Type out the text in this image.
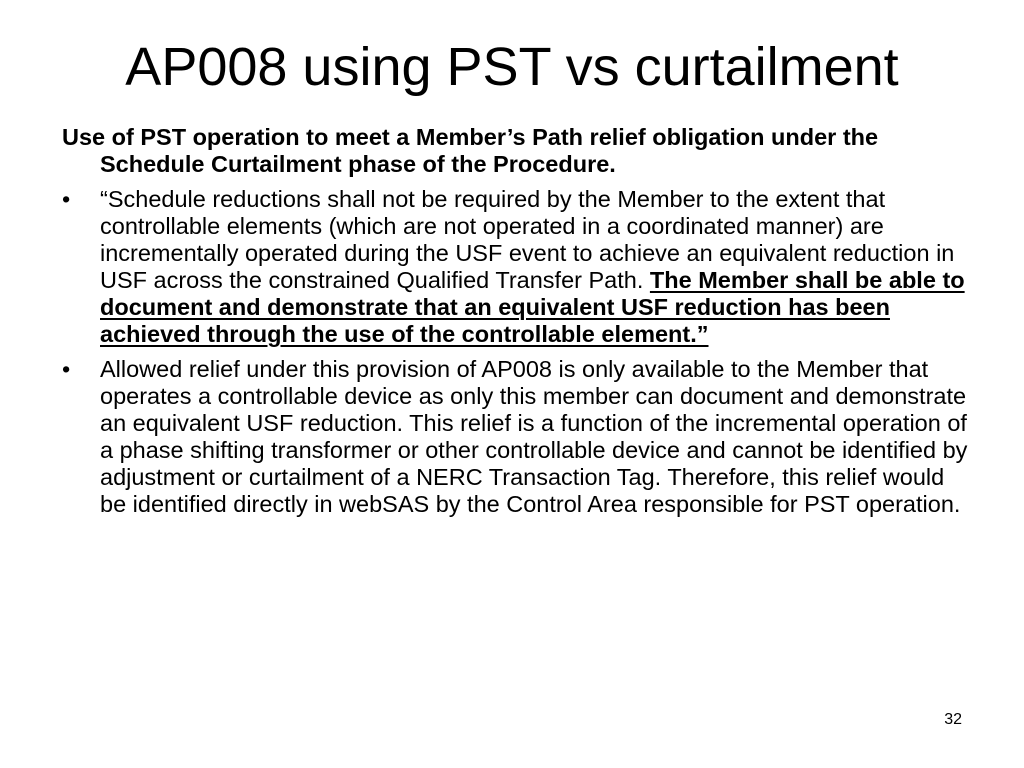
AP008 using PST vs curtailment

Use of PST operation to meet a Member’s Path relief obligation under the Schedule Curtailment phase of the Procedure.

•	“Schedule reductions shall not be required by the Member to the extent that controllable elements (which are not operated in a coordinated manner) are incrementally operated during the USF event to achieve an equivalent reduction in USF across the constrained Qualified Transfer Path. The Member shall be able to document and demonstrate that an equivalent USF reduction has been achieved through the use of the controllable element.”
•	Allowed relief under this provision of AP008 is only available to the Member that operates a controllable device as only this member can document and demonstrate an equivalent USF reduction. This relief is a function of the incremental operation of a phase shifting transformer or other controllable device and cannot be identified by adjustment or curtailment of a NERC Transaction Tag. Therefore, this relief would be identified directly in webSAS by the Control Area responsible for PST operation.
32
